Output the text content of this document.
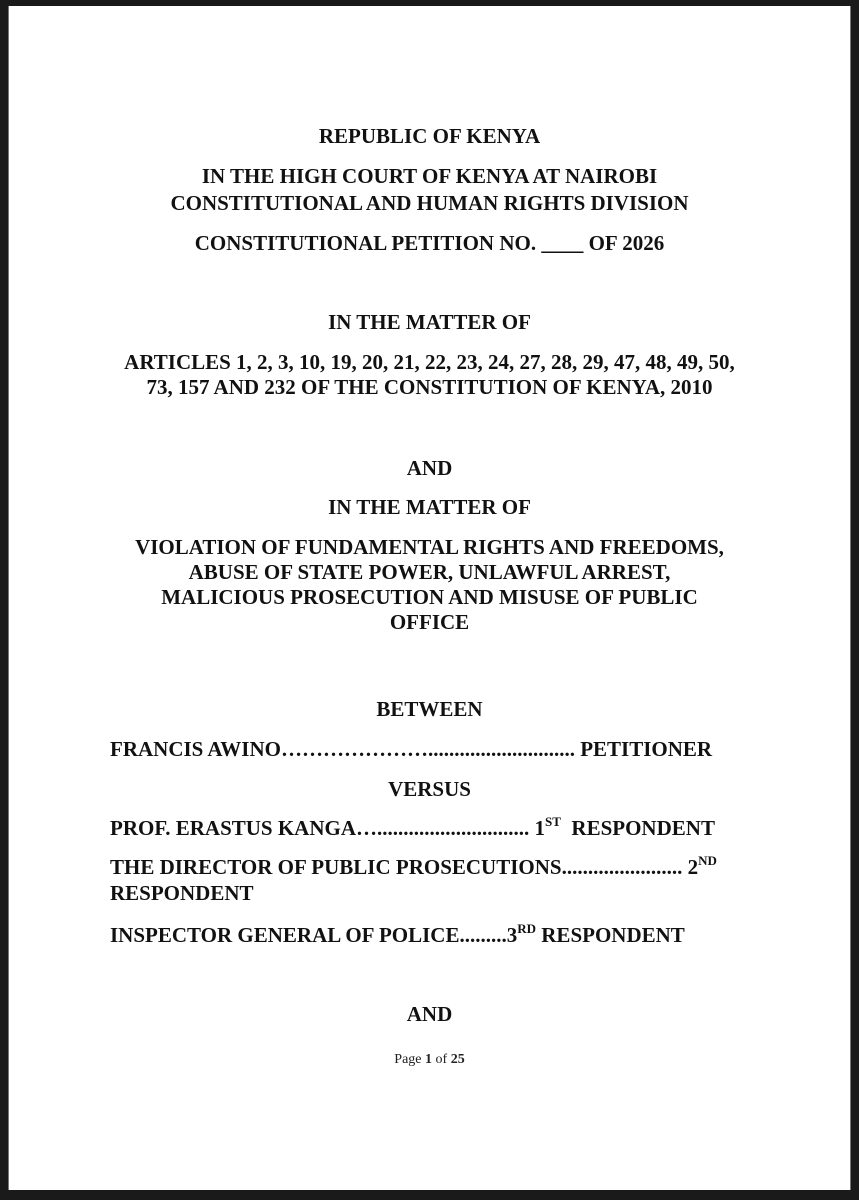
REPUBLIC OF KENYA
IN THE HIGH COURT OF KENYA AT NAIROBI
CONSTITUTIONAL AND HUMAN RIGHTS DIVISION
CONSTITUTIONAL PETITION NO. ____ OF 2026
IN THE MATTER OF
ARTICLES 1, 2, 3, 10, 19, 20, 21, 22, 23, 24, 27, 28, 29, 47, 48, 49, 50,
73, 157 AND 232 OF THE CONSTITUTION OF KENYA, 2010
AND
IN THE MATTER OF
VIOLATION OF FUNDAMENTAL RIGHTS AND FREEDOMS,
ABUSE OF STATE POWER, UNLAWFUL ARREST,
MALICIOUS PROSECUTION AND MISUSE OF PUBLIC
OFFICE
BETWEEN
FRANCIS AWINO…………………............................ PETITIONER
VERSUS
PROF. ERASTUS KANGA…............................. 1ST RESPONDENT
THE DIRECTOR OF PUBLIC PROSECUTIONS....................... 2ND
RESPONDENT
INSPECTOR GENERAL OF POLICE.........3RD RESPONDENT
AND
Page 1 of 25
